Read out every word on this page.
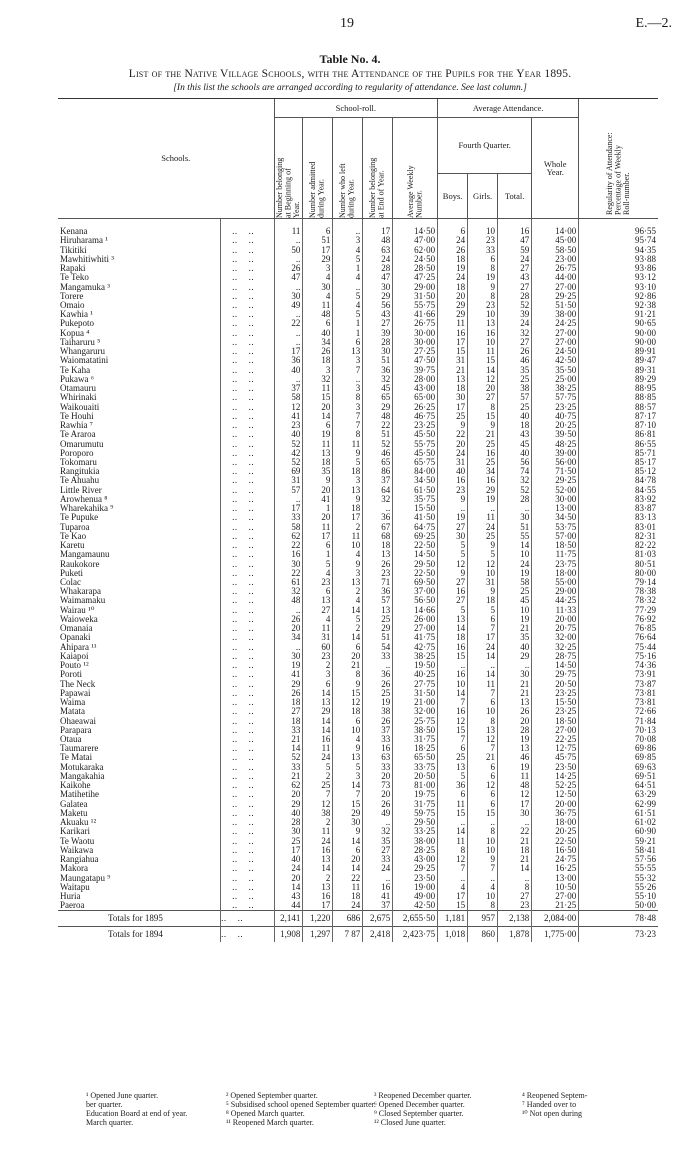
19	E.—2.
Table No. 4.
List of the Native Village Schools, with the Attendance of the Pupils for the Year 1895.
[In this list the schools are arranged according to regularity of attendance. See last column.]
Schools.		School-roll.					Average Attendance.				Regularity of Attendance:
Percentage of Weekly
Roll-number.

		Number belonging
at Beginning of
Year.	Number admitted
during Year.	Number who left
during Year.	Number belonging
at End of Year.	Average Weekly
Number.	Fourth Quarter.			Whole
Year.	
							Boys.	Girls.	Total.		

Kenana	..    ..	11	6	..	17	14·50	6	10	16	14·00	96·55
Hiruharama ¹	..    ..	..	51	3	48	47·00	24	23	47	45·00	95·74
Tikitiki	..    ..	50	17	4	63	62·00	26	33	59	58·50	94·35
Mawhitiwhiti ³	..    ..	..	29	5	24	24·50	18	6	24	23·00	93·88
Rapaki	..    ..	26	3	1	28	28·50	19	8	27	26·75	93·86
Te Teko	..    ..	47	4	4	47	47·25	24	19	43	44·00	93·12
Mangamuka ³	..    ..	..	30	..	30	29·00	18	9	27	27·00	93·10
Torere	..    ..	30	4	5	29	31·50	20	8	28	29·25	92·86
Omaio	..    ..	49	11	4	56	55·75	29	23	52	51·50	92·38
Kawhia ¹	..    ..	..	48	5	43	41·66	29	10	39	38·00	91·21
Pukepoto	..    ..	22	6	1	27	26·75	11	13	24	24·25	90·65
Kopua ⁴	..    ..	..	40	1	39	30·00	16	16	32	27·00	90·00
Taiharuru ⁵	..    ..	..	34	6	28	30·00	17	10	27	27·00	90·00
Whangaruru	..    ..	17	26	13	30	27·25	15	11	26	24·50	89·91
Waiomatatini	..    ..	36	18	3	51	47·50	31	15	46	42·50	89·47
Te Kaha	..    ..	40	3	7	36	39·75	21	14	35	35·50	89·31
Pukawa ⁶	..    ..	..	32	..	32	28·00	13	12	25	25·00	89·29
Otamauru	..    ..	37	11	3	45	43·00	18	20	38	38·25	88·95
Whirinaki	..    ..	58	15	8	65	65·00	30	27	57	57·75	88·85
Waikouaiti	..    ..	12	20	3	29	26·25	17	8	25	23·25	88·57
Te Houhi	..    ..	41	14	7	48	46·75	25	15	40	40·75	87·17
Rawhia ⁷	..    ..	23	6	7	22	23·25	9	9	18	20·25	87·10
Te Araroa	..    ..	40	19	8	51	45·50	22	21	43	39·50	86·81
Omarumutu	..    ..	52	11	11	52	55·75	20	25	45	48·25	86·55
Poroporo	..    ..	42	13	9	46	45·50	24	16	40	39·00	85·71
Tokomaru	..    ..	52	18	5	65	65·75	31	25	56	56·00	85·17
Rangitukia	..    ..	69	35	18	86	84·00	40	34	74	71·50	85·12
Te Ahuahu	..    ..	31	9	3	37	34·50	16	16	32	29·25	84·78
Little River	..    ..	57	20	13	64	61·50	23	29	52	52·00	84·55
Arowhenua ⁸	..    ..	..	41	9	32	35·75	9	19	28	30·00	83·92
Wharekahika ⁹	..    ..	17	1	18	..	15·50	..	..	..	13·00	83·87
Te Pupuke	..    ..	33	20	17	36	41·50	19	11	30	34·50	83·13
Tuparoa	..    ..	58	11	2	67	64·75	27	24	51	53·75	83·01
Te Kao	..    ..	62	17	11	68	69·25	30	25	55	57·00	82·31
Karetu	..    ..	22	6	10	18	22·50	5	9	14	18·50	82·22
Mangamaunu	..    ..	16	1	4	13	14·50	5	5	10	11·75	81·03
Raukokore	..    ..	30	5	9	26	29·50	12	12	24	23·75	80·51
Puketi	..    ..	22	4	3	23	22·50	9	10	19	18·00	80·00
Colac	..    ..	61	23	13	71	69·50	27	31	58	55·00	79·14
Whakarapa	..    ..	32	6	2	36	37·00	16	9	25	29·00	78·38
Waimamaku	..    ..	48	13	4	57	56·50	27	18	45	44·25	78·32
Wairau ¹⁰	..    ..	..	27	14	13	14·66	5	5	10	11·33	77·29
Waioweka	..    ..	26	4	5	25	26·00	13	6	19	20·00	76·92
Omanaia	..    ..	20	11	2	29	27·00	14	7	21	20·75	76·85
Opanaki	..    ..	34	31	14	51	41·75	18	17	35	32·00	76·64
Ahipara ¹¹	..    ..	..	60	6	54	42·75	16	24	40	32·25	75·44
Kaiapoi	..    ..	30	23	20	33	38·25	15	14	29	28·75	75·16
Pouto ¹²	..    ..	19	2	21	..	19·50	..	..	..	14·50	74·36
Poroti	..    ..	41	3	8	36	40·25	16	14	30	29·75	73·91
The Neck	..    ..	29	6	9	26	27·75	10	11	21	20·50	73·87
Papawai	..    ..	26	14	15	25	31·50	14	7	21	23·25	73·81
Waima	..    ..	18	13	12	19	21·00	7	6	13	15·50	73·81
Matata	..    ..	27	29	18	38	32·00	16	10	26	23·25	72·66
Ohaeawai	..    ..	18	14	6	26	25·75	12	8	20	18·50	71·84
Parapara	..    ..	33	14	10	37	38·50	15	13	28	27·00	70·13
Otaua	..    ..	21	16	4	33	31·75	7	12	19	22·25	70·08
Taumarere	..    ..	14	11	9	16	18·25	6	7	13	12·75	69·86
Te Matai	..    ..	52	24	13	63	65·50	25	21	46	45·75	69·85
Motukaraka	..    ..	33	5	5	33	33·75	13	6	19	23·50	69·63
Mangakahia	..    ..	21	2	3	20	20·50	5	6	11	14·25	69·51
Kaikohe	..    ..	62	25	14	73	81·00	36	12	48	52·25	64·51
Matihetihe	..    ..	20	7	7	20	19·75	6	6	12	12·50	63·29
Galatea	..    ..	29	12	15	26	31·75	11	6	17	20·00	62·99
Maketu	..    ..	40	38	29	49	59·75	15	15	30	36·75	61·51
Akuaku ¹²	..    ..	28	2	30	..	29·50	..	..	..	18·00	61·02
Karikari	..    ..	30	11	9	32	33·25	14	8	22	20·25	60·90
Te Waotu	..    ..	25	24	14	35	38·00	11	10	21	22·50	59·21
Waikawa	..    ..	17	16	6	27	28·25	8	10	18	16·50	58·41
Rangiahua	..    ..	40	13	20	33	43·00	12	9	21	24·75	57·56
Makora	..    ..	24	14	14	24	29·25	7	7	14	16·25	55·55
Maungatapu ⁹	..    ..	20	2	22	..	23·50	..	..	..	13·00	55·32
Waitapu	..    ..	14	13	11	16	19·00	4	4	8	10·50	55·26
Huria	..    ..	43	16	18	41	49·00	17	10	27	27·00	55·10
Paeroa	..    ..	44	17	24	37	42·50	15	8	23	21·25	50·00
Totals for 1895	..    ..	2,141	1,220	686	2,675	2,655·50	1,181	957	2,138	2,084·00	78·48
Totals for 1894	..    ..	1,908	1,297	7 87	2,418	2,423·75	1,018	860	1,878	1,775·00	73·23
¹ Opened June quarter.	² Opened September quarter.	³ Reopened December quarter.	⁴ Reopened Septem-
ber quarter.	⁵ Subsidised school opened September quarter.
⁶ Opened December quarter.	⁷ Handed over to
Education Board at end of year.	⁸ Opened March quarter.	⁹ Closed September quarter.	¹⁰ Not open during
March quarter.	¹¹ Reopened March quarter.	¹² Closed June quarter.
